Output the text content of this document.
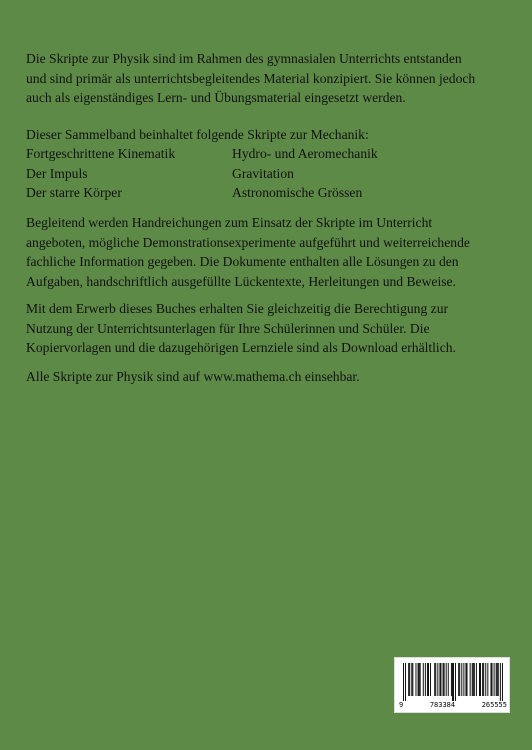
Die Skripte zur Physik sind im Rahmen des gymnasialen Unterrichts entstanden
und sind primär als unterrichtsbegleitendes Material konzipiert. Sie können jedoch
auch als eigenständiges Lern- und Übungsmaterial eingesetzt werden.

Dieser Sammelband beinhaltet folgende Skripte zur Mechanik:

Fortgeschrittene Kinematik	Hydro- und Aeromechanik
Der Impuls	Gravitation
Der starre Körper	Astronomische Grössen

Begleitend werden Handreichungen zum Einsatz der Skripte im Unterricht
angeboten, mögliche Demonstrationsexperimente aufgeführt und weiterreichende
fachliche Information gegeben. Die Dokumente enthalten alle Lösungen zu den
Aufgaben, handschriftlich ausgefüllte Lückentexte, Herleitungen und Beweise.

Mit dem Erwerb dieses Buches erhalten Sie gleichzeitig die Berechtigung zur
Nutzung der Unterrichtsunterlagen für Ihre Schülerinnen und Schüler. Die
Kopiervorlagen und die dazugehörigen Lernziele sind als Download erhältlich.

Alle Skripte zur Physik sind auf www.mathema.ch einsehbar.

9	783384	265555
